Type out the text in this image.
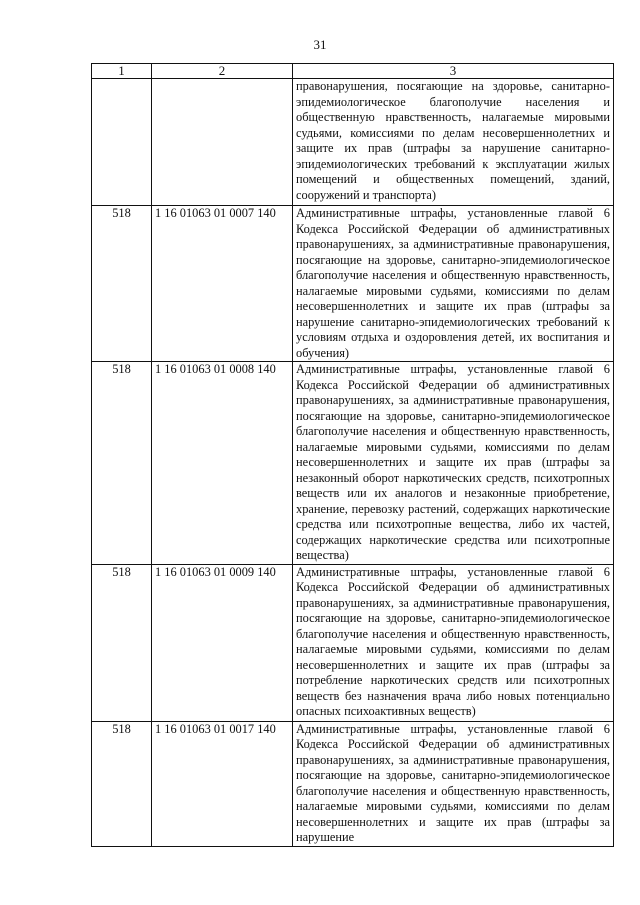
31
1	2	3
		правонарушения, посягающие на здоровье, санитарно-эпидемиологическое благополучие населения и общественную нравственность, налагаемые мировыми судьями, комиссиями по делам несовершеннолетних и защите их прав (штрафы за нарушение санитарно-эпидемиологических требований к эксплуатации жилых помещений и общественных помещений, зданий, сооружений и транспорта)
518	1 16 01063 01 0007 140	Административные штрафы, установленные главой 6 Кодекса Российской Федерации об административных правонарушениях, за административные правонарушения, посягающие на здоровье, санитарно-эпидемиологическое благополучие населения и общественную нравственность, налагаемые мировыми судьями, комиссиями по делам несовершеннолетних и защите их прав (штрафы за нарушение санитарно-эпидемиологических требований к условиям отдыха и оздоровления детей, их воспитания и обучения)
518	1 16 01063 01 0008 140	Административные штрафы, установленные главой 6 Кодекса Российской Федерации об административных правонарушениях, за административные правонарушения, посягающие на здоровье, санитарно-эпидемиологическое благополучие населения и общественную нравственность, налагаемые мировыми судьями, комиссиями по делам несовершеннолетних и защите их прав (штрафы за незаконный оборот наркотических средств, психотропных веществ или их аналогов и незаконные приобретение, хранение, перевозку растений, содержащих наркотические средства или психотропные вещества, либо их частей, содержащих наркотические средства или психотропные вещества)
518	1 16 01063 01 0009 140	Административные штрафы, установленные главой 6 Кодекса Российской Федерации об административных правонарушениях, за административные правонарушения, посягающие на здоровье, санитарно-эпидемиологическое благополучие населения и общественную нравственность, налагаемые мировыми судьями, комиссиями по делам несовершеннолетних и защите их прав (штрафы за потребление наркотических средств или психотропных веществ без назначения врача либо новых потенциально опасных психоактивных веществ)
518	1 16 01063 01 0017 140	Административные штрафы, установленные главой 6 Кодекса Российской Федерации об административных правонарушениях, за административные правонарушения, посягающие на здоровье, санитарно-эпидемиологическое благополучие населения и общественную нравственность, налагаемые мировыми судьями, комиссиями по делам несовершеннолетних и защите их прав (штрафы за нарушение
